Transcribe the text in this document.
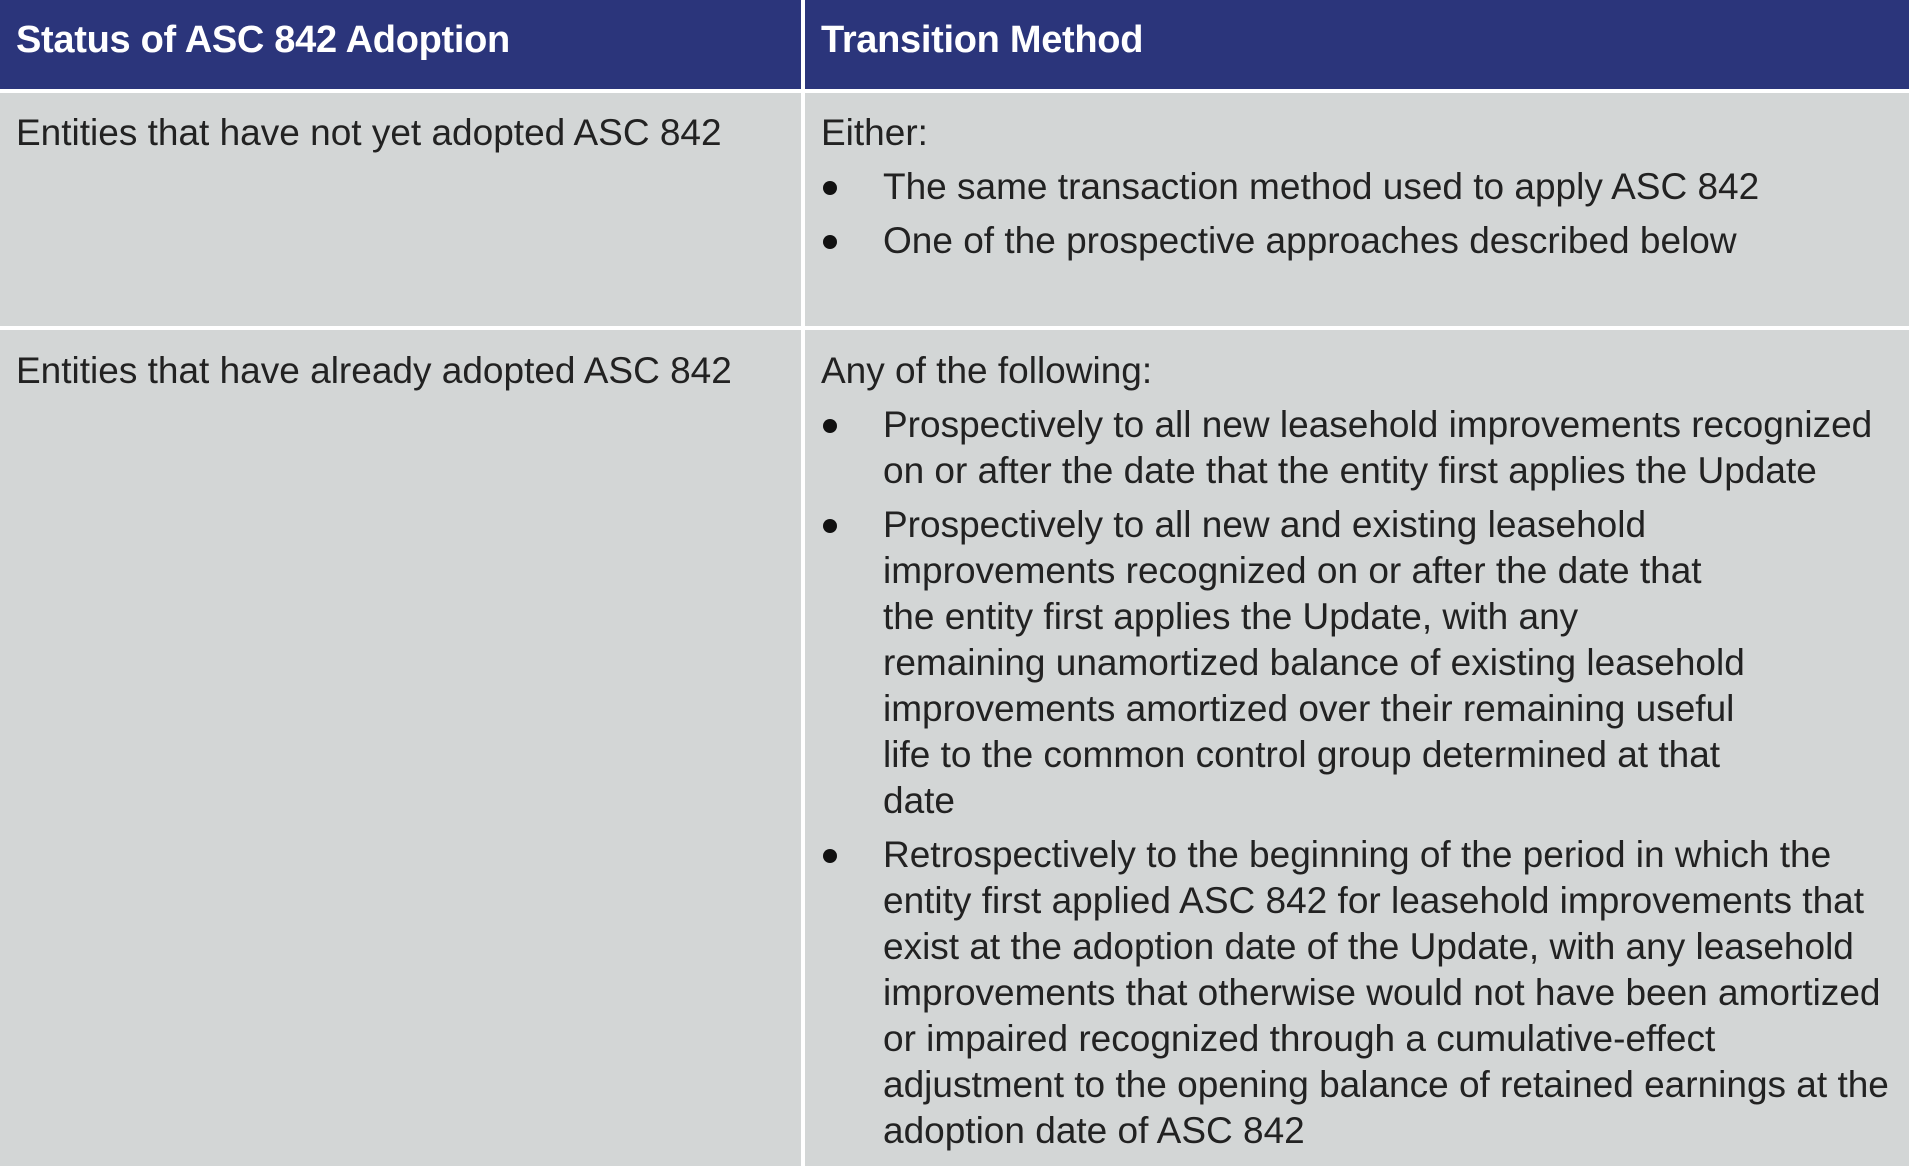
Status of ASC 842 Adoption	Transition Method
Entities that have not yet adopted ASC 842	Either:
The same transaction method used to apply ASC 842
One of the prospective approaches described below
Entities that have already adopted ASC 842	Any of the following:
Prospectively to all new leasehold improvements recognized on or after the date that the entity first applies the Update
Prospectively to all new and existing leasehold improvements recognized on or after the date that the entity first applies the Update, with any remaining unamortized balance of existing leasehold improvements amortized over their remaining useful life to the common control group determined at that date
Retrospectively to the beginning of the period in which the entity first applied ASC 842 for leasehold improvements that exist at the adoption date of the Update, with any leasehold improvements that otherwise would not have been amortized or impaired recognized through a cumulative-effect adjustment to the opening balance of retained earnings at the adoption date of ASC 842
